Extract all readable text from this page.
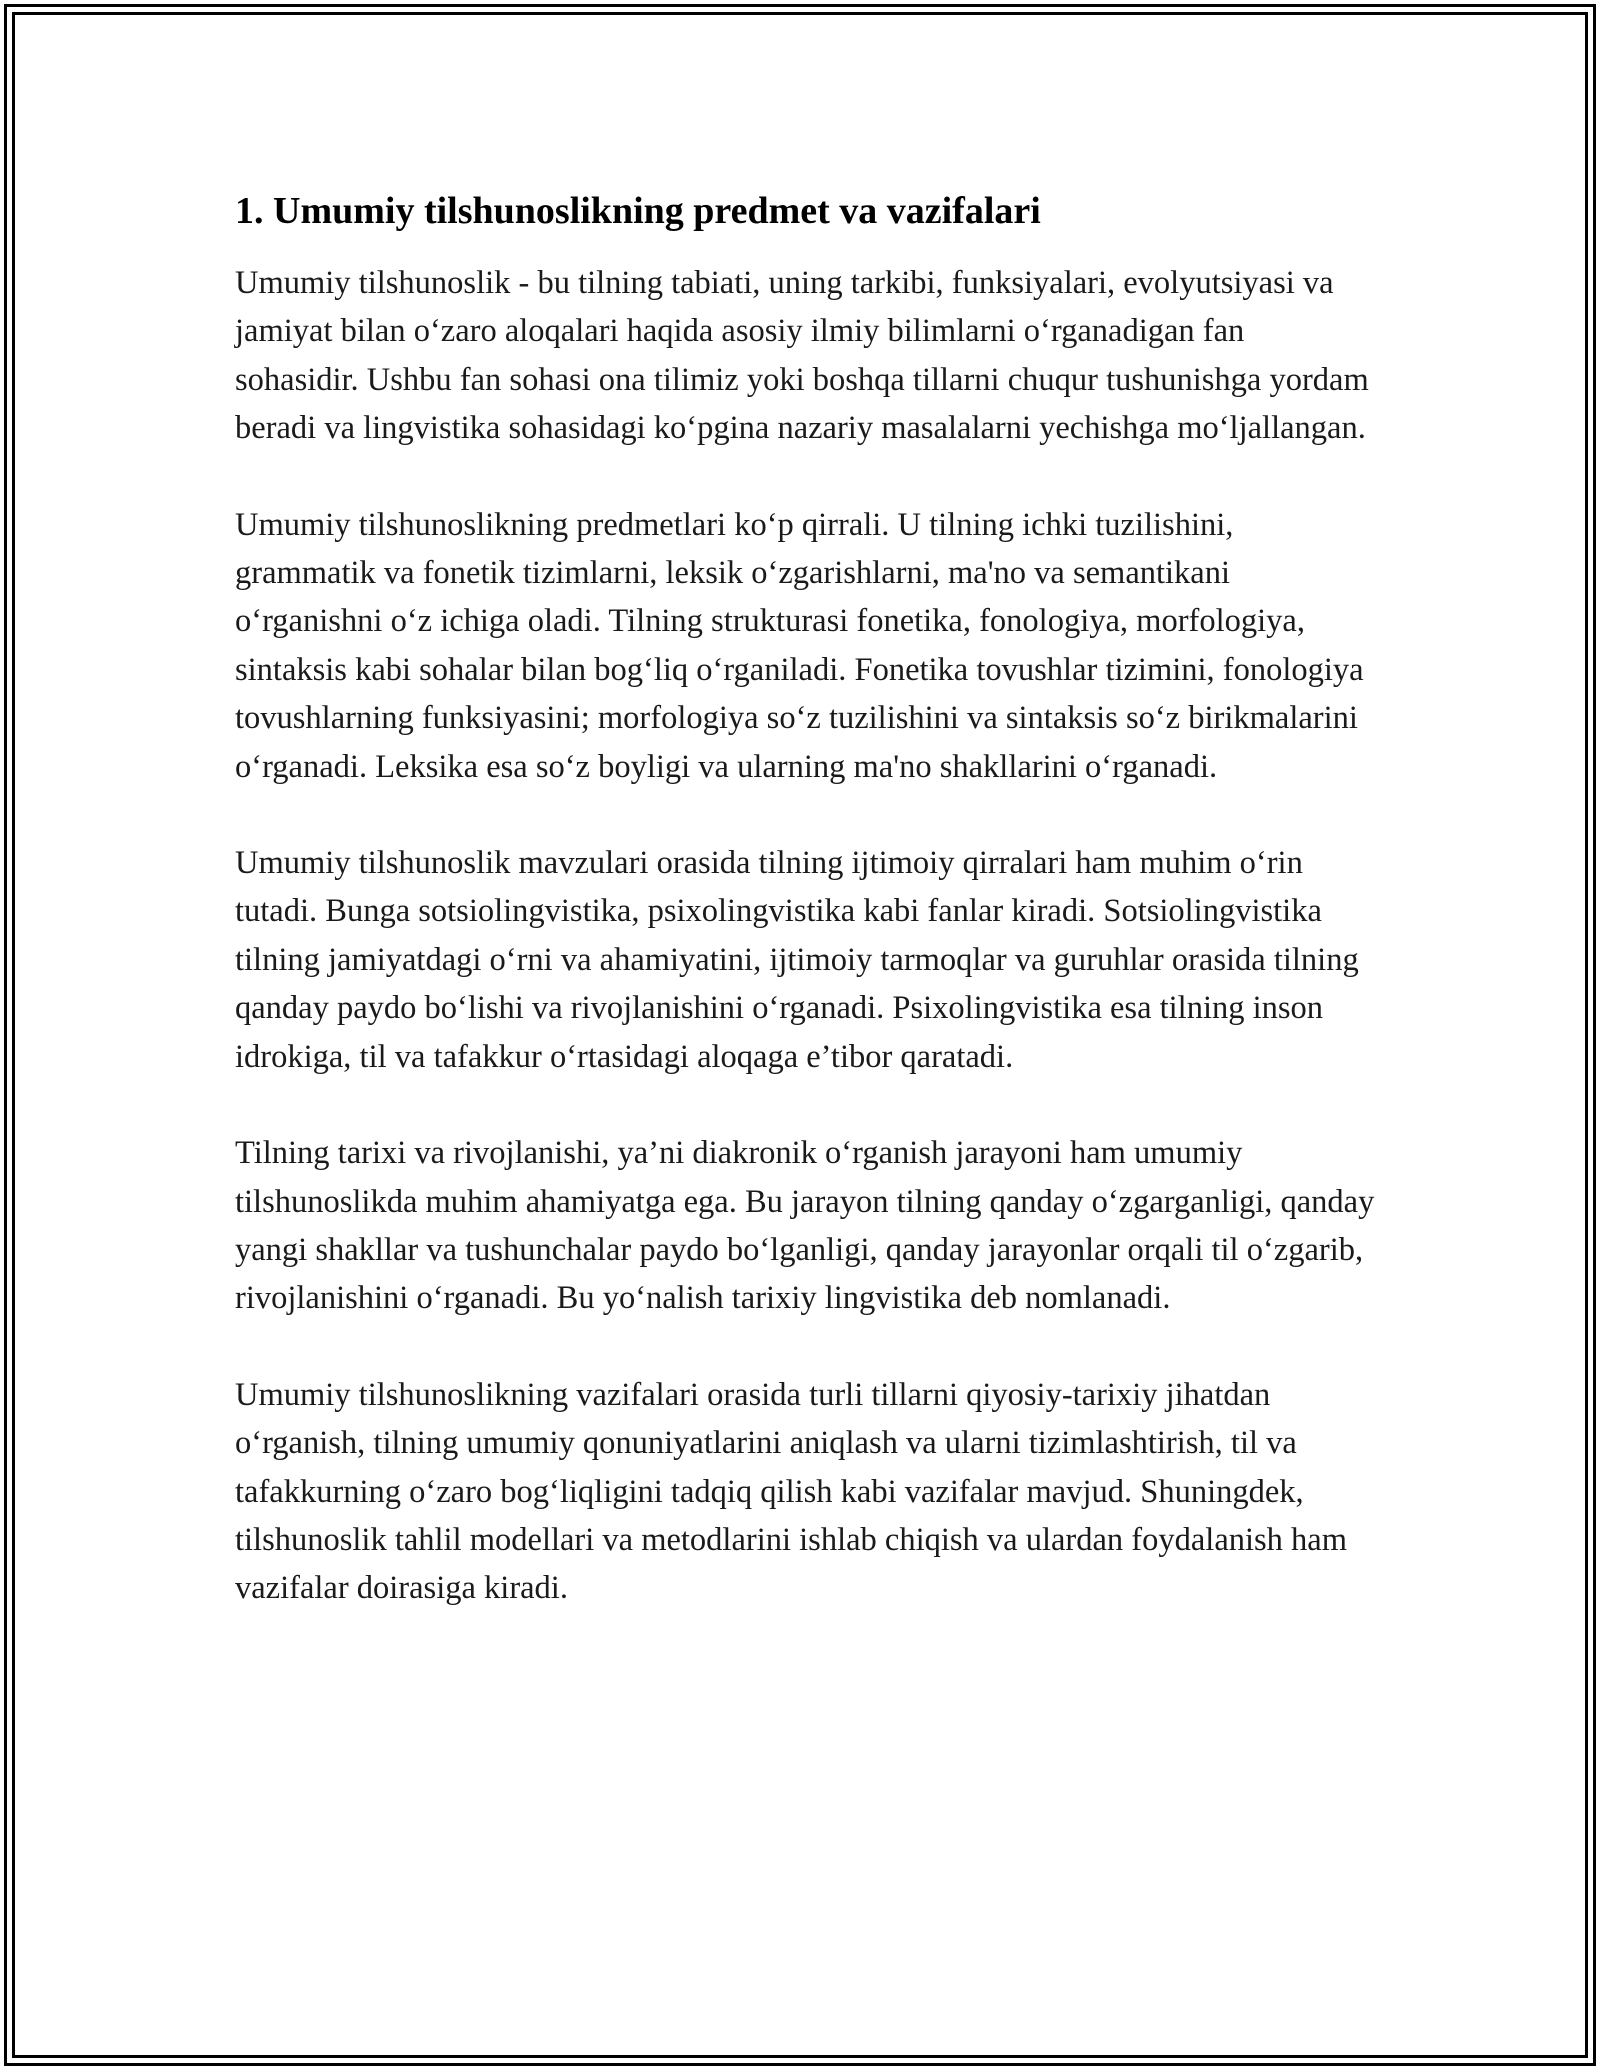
1. Umumiy tilshunoslikning predmet va vazifalari

Umumiy tilshunoslik - bu tilning tabiati, uning tarkibi, funksiyalari, evolyutsiyasi va jamiyat bilan o‘zaro aloqalari haqida asosiy ilmiy bilimlarni o‘rganadigan fan sohasidir. Ushbu fan sohasi ona tilimiz yoki boshqa tillarni chuqur tushunishga yordam beradi va lingvistika sohasidagi ko‘pgina nazariy masalalarni yechishga mo‘ljallangan.

Umumiy tilshunoslikning predmetlari ko‘p qirrali. U tilning ichki tuzilishini, grammatik va fonetik tizimlarni, leksik o‘zgarishlarni, ma'no va semantikani o‘rganishni o‘z ichiga oladi. Tilning strukturasi fonetika, fonologiya, morfologiya, sintaksis kabi sohalar bilan bog‘liq o‘rganiladi. Fonetika tovushlar tizimini, fonologiya tovushlarning funksiyasini; morfologiya so‘z tuzilishini va sintaksis so‘z birikmalarini o‘rganadi. Leksika esa so‘z boyligi va ularning ma'no shakllarini o‘rganadi.

Umumiy tilshunoslik mavzulari orasida tilning ijtimoiy qirralari ham muhim o‘rin tutadi. Bunga sotsiolingvistika, psixolingvistika kabi fanlar kiradi. Sotsiolingvistika tilning jamiyatdagi o‘rni va ahamiyatini, ijtimoiy tarmoqlar va guruhlar orasida tilning qanday paydo bo‘lishi va rivojlanishini o‘rganadi. Psixolingvistika esa tilning inson idrokiga, til va tafakkur o‘rtasidagi aloqaga e’tibor qaratadi.

Tilning tarixi va rivojlanishi, ya’ni diakronik o‘rganish jarayoni ham umumiy tilshunoslikda muhim ahamiyatga ega. Bu jarayon tilning qanday o‘zgarganligi, qanday yangi shakllar va tushunchalar paydo bo‘lganligi, qanday jarayonlar orqali til o‘zgarib, rivojlanishini o‘rganadi. Bu yo‘nalish tarixiy lingvistika deb nomlanadi.

Umumiy tilshunoslikning vazifalari orasida turli tillarni qiyosiy-tarixiy jihatdan o‘rganish, tilning umumiy qonuniyatlarini aniqlash va ularni tizimlashtirish, til va tafakkurning o‘zaro bog‘liqligini tadqiq qilish kabi vazifalar mavjud. Shuningdek, tilshunoslik tahlil modellari va metodlarini ishlab chiqish va ulardan foydalanish ham vazifalar doirasiga kiradi.
